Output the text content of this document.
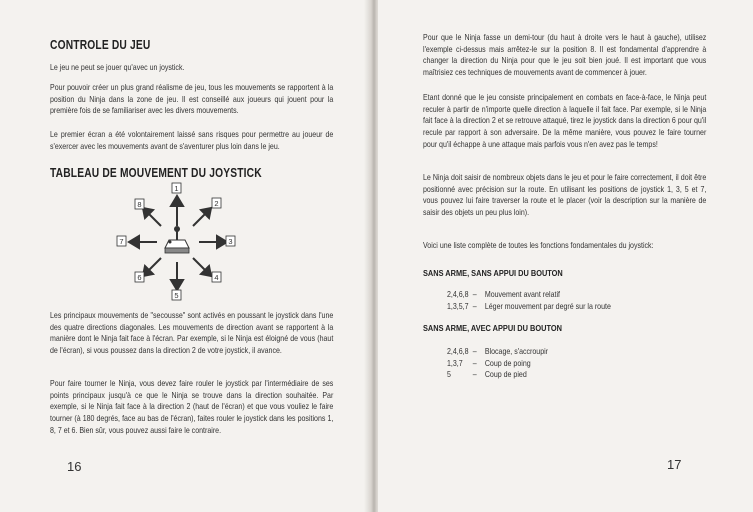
CONTROLE DU JEU

Le jeu ne peut se jouer qu'avec un joystick.

Pour pouvoir créer un plus grand réalisme de jeu, tous les mouvements se rapportent à la position du Ninja dans la zone de jeu. Il est conseillé aux joueurs qui jouent pour la première fois de se familiariser avec les divers mouvements.

Le premier écran a été volontairement laissé sans risques pour permettre au joueur de s'exercer avec les mouvements avant de s'aventurer plus loin dans le jeu.

TABLEAU DE MOUVEMENT DU JOYSTICK
1
2
3
4
5
6
7
8

Les principaux mouvements de "secousse" sont activés en poussant le joystick dans l'une des quatre directions diagonales. Les mouvements de direction avant se rapportent à la manière dont le Ninja fait face à l'écran. Par exemple, si le Ninja est éloigné de vous (haut de l'écran), si vous poussez dans la direction 2 de votre joystick, il avance.

Pour faire tourner le Ninja, vous devez faire rouler le joystick par l'intermédiaire de ses points principaux jusqu'à ce que le Ninja se trouve dans la direction souhaitée. Par exemple, si le Ninja fait face à la direction 2 (haut de l'écran) et que vous vouliez le faire tourner (à 180 degrés, face au bas de l'écran), faites rouler le joystick dans les positions 1, 8, 7 et 6. Bien sûr, vous pouvez aussi faire le contraire.

16

Pour que le Ninja fasse un demi-tour (du haut à droite vers le haut à gauche), utilisez l'exemple ci-dessus mais arrêtez-le sur la position 8. Il est fondamental d'apprendre à changer la direction du Ninja pour que le jeu soit bien joué. Il est important que vous maîtrisiez ces techniques de mouvements avant de commencer à jouer.

Etant donné que le jeu consiste principalement en combats en face-à-face, le Ninja peut reculer à partir de n'importe quelle direction à laquelle il fait face. Par exemple, si le Ninja fait face à la direction 2 et se retrouve attaqué, tirez le joystick dans la direction 6 pour qu'il recule par rapport à son adversaire. De la même manière, vous pouvez le faire tourner pour qu'il échappe à une attaque mais parfois vous n'en avez pas le temps!

Le Ninja doit saisir de nombreux objets dans le jeu et pour le faire correctement, il doit être positionné avec précision sur la route. En utilisant les positions de joystick 1, 3, 5 et 7, vous pouvez lui faire traverser la route et le placer (voir la description sur la manière de saisir des objets un peu plus loin).

Voici une liste complète de toutes les fonctions fondamentales du joystick:

SANS ARME, SANS APPUI DU BOUTON
2,4,6,8 – Mouvement avant relatif
1,3,5,7 – Léger mouvement par degré sur la route
SANS ARME, AVEC APPUI DU BOUTON
2,4,6,8 – Blocage, s'accroupir
1,3,7	– Coup de poing
5	– Coup de pied
17
